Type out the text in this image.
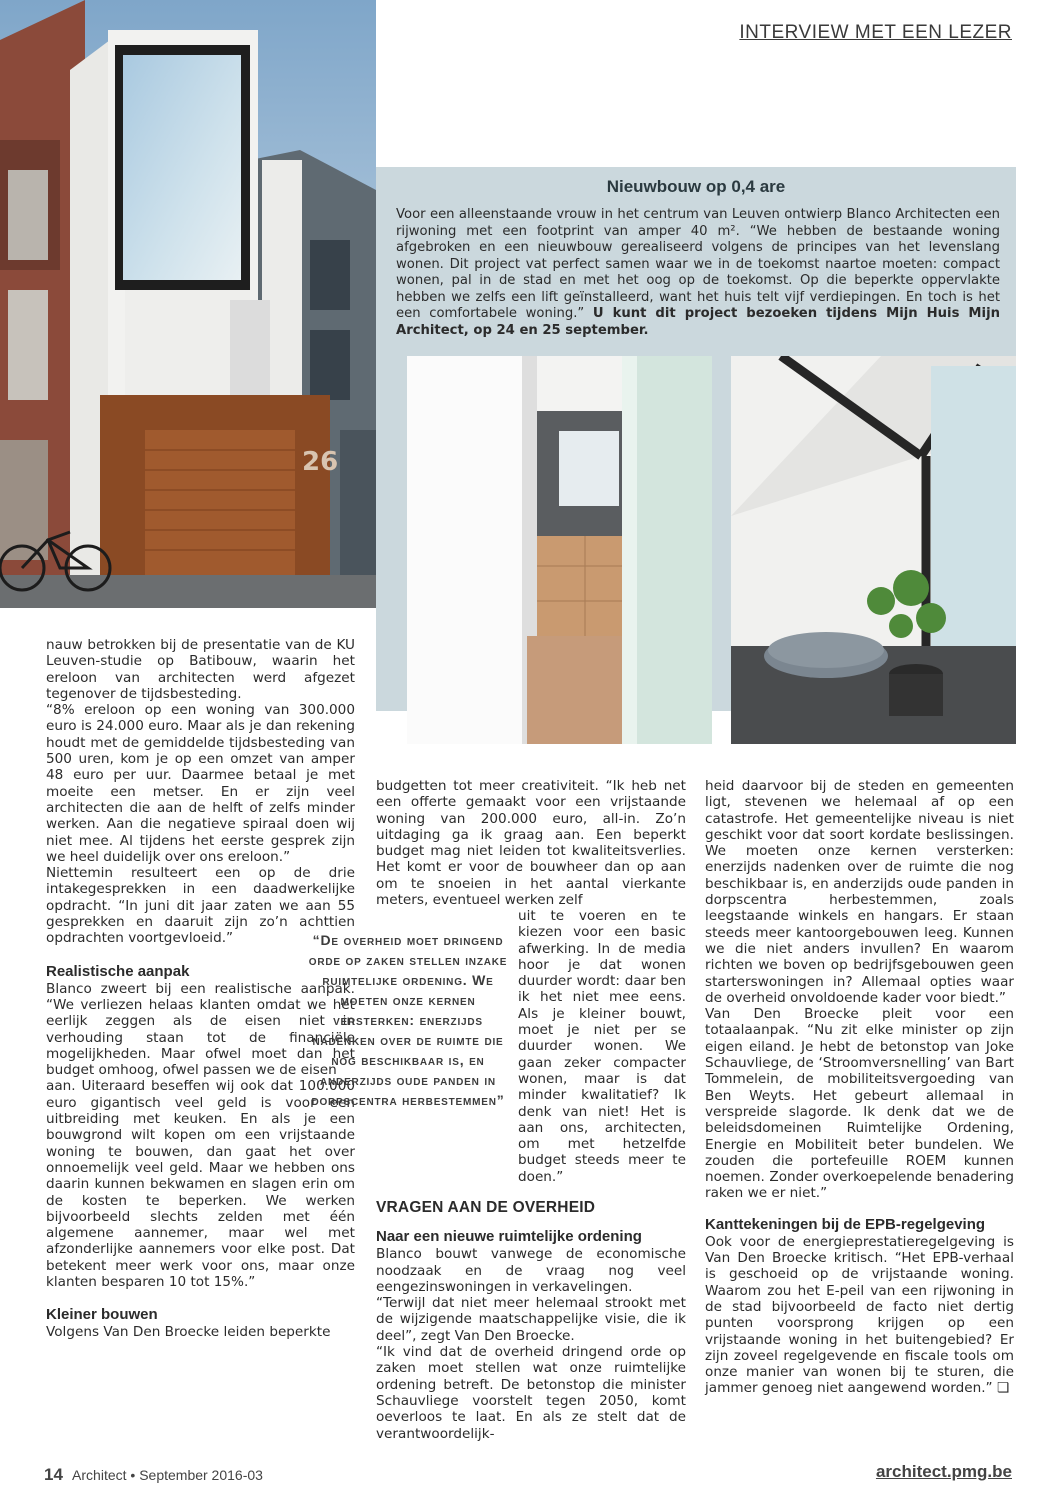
INTERVIEW MET EEN LEZER
26
Nieuwbouw op 0,4 are
Voor een alleenstaande vrouw in het centrum van Leuven ontwierp Blanco Architecten een rijwoning met een footprint van amper 40 m². “We hebben de bestaande woning afgebroken en een nieuwbouw gerealiseerd volgens de principes van het levenslang wonen. Dit project vat perfect samen waar we in de toekomst naartoe moeten: compact wonen, pal in de stad en met het oog op de toekomst. Op die beperkte oppervlakte hebben we zelfs een lift geïnstalleerd, want het huis telt vijf verdiepingen. En toch is het een comfortabele woning.” U kunt dit project bezoeken tijdens Mijn Huis Mijn Architect, op 24 en 25 september.

nauw betrokken bij de presentatie van de KU Leuven-studie op Batibouw, waarin het ereloon van architecten werd afgezet tegenover de tijdsbesteding.

“8% ereloon op een woning van 300.000 euro is 24.000 euro. Maar als je dan rekening houdt met de gemiddelde tijdsbesteding van 500 uren, kom je op een omzet van amper 48 euro per uur. Daarmee betaal je met moeite een metser. En er zijn veel architecten die aan de helft of zelfs minder werken. Aan die negatieve spiraal doen wij niet mee. Al tijdens het eerste gesprek zijn we heel duidelijk over ons ereloon.”

Niettemin resulteert een op de drie intakegesprekken in een daadwerkelijke opdracht. “In juni dit jaar zaten we aan 55 gesprekken en daaruit zijn zo’n achttien opdrachten voortgevloeid.”

Realistische aanpak

Blanco zweert bij een realistische aanpak. “We verliezen helaas klanten omdat we het eerlijk zeggen als de eisen niet in verhouding staan tot de financiële mogelijkheden. Maar ofwel moet dan het budget omhoog, ofwel passen we de eisen

aan. Uiteraard beseffen wij ook dat 100.000 euro gigantisch veel geld is voor een uitbreiding met keuken. En als je een bouwgrond wilt kopen om een vrijstaande woning te bouwen, dan gaat het over onnoemelijk veel geld. Maar we hebben ons daarin kunnen bekwamen en slagen erin om de kosten te beperken. We werken bijvoorbeeld slechts zelden met één algemene aannemer, maar wel met afzonderlijke aannemers voor elke post. Dat betekent meer werk voor ons, maar onze klanten besparen 10 tot 15%.”

Kleiner bouwen

Volgens Van Den Broecke leiden beperkte

budgetten tot meer creativiteit. “Ik heb net een offerte gemaakt voor een vrijstaande woning van 200.000 euro, all-in. Zo’n uitdaging ga ik graag aan. Een beperkt budget mag niet leiden tot kwaliteitsverlies. Het komt er voor de bouwheer dan op aan om te snoeien in het aantal vierkante meters, eventueel werken zelf

“De overheid moet dringend orde op zaken stellen inzake ruimtelijke ordening. We moeten onze kernen versterken: enerzijds nadenken over de ruimte die nog beschikbaar is, en anderzijds oude panden in dorpscentra herbestemmen”

uit te voeren en te kiezen voor een basic afwerking. In de media hoor je dat wonen duurder wordt: daar ben ik het niet mee eens. Als je kleiner bouwt, moet je niet per se duurder wonen. We gaan zeker compacter wonen, maar is dat minder kwalitatief? Ik denk van niet! Het is aan ons, architecten, om met hetzelfde budget steeds meer te doen.”

VRAGEN AAN DE OVERHEID

Naar een nieuwe ruimtelijke ordening

Blanco bouwt vanwege de economische noodzaak en de vraag nog veel eengezinswoningen in verkavelingen.

“Terwijl dat niet meer helemaal strookt met de wijzigende maatschappelijke visie, die ik deel”, zegt Van Den Broecke.

“Ik vind dat de overheid dringend orde op zaken moet stellen wat onze ruimtelijke ordening betreft. De betonstop die minister Schauvliege voorstelt tegen 2050, komt oeverloos te laat. En als ze stelt dat de verantwoordelijk-

heid daarvoor bij de steden en gemeenten ligt, stevenen we helemaal af op een catastrofe. Het gemeentelijke niveau is niet geschikt voor dat soort kordate beslissingen. We moeten onze kernen versterken: enerzijds nadenken over de ruimte die nog beschikbaar is, en anderzijds oude panden in dorpscentra herbestemmen, zoals leegstaande winkels en hangars. Er staan steeds meer kantoorgebouwen leeg. Kunnen we die niet anders invullen? En waarom richten we boven op bedrijfsgebouwen geen starterswoningen in? Allemaal opties waar de overheid onvoldoende kader voor biedt.”

Van Den Broecke pleit voor een totaalaanpak. “Nu zit elke minister op zijn eigen eiland. Je hebt de betonstop van Joke Schauvliege, de ‘Stroomversnelling’ van Bart Tommelein, de mobiliteitsvergoeding van Ben Weyts. Het gebeurt allemaal in verspreide slagorde. Ik denk dat we de beleidsdomeinen Ruimtelijke Ordening, Energie en Mobiliteit beter bundelen. We zouden die portefeuille ROEM kunnen noemen. Zonder overkoepelende benadering raken we er niet.”

Kanttekeningen bij de EPB-regelgeving

Ook voor de energieprestatieregelgeving is Van Den Broecke kritisch. “Het EPB-verhaal is geschoeid op de vrijstaande woning. Waarom zou het E-peil van een rijwoning in de stad bijvoorbeeld de facto niet dertig punten voorsprong krijgen op een vrijstaande woning in het buitengebied? Er zijn zoveel regelgevende en fiscale tools om onze manier van wonen bij te sturen, die jammer genoeg niet aangewend worden.” ❏

14 Architect • September 2016-03	architect.pmg.be
